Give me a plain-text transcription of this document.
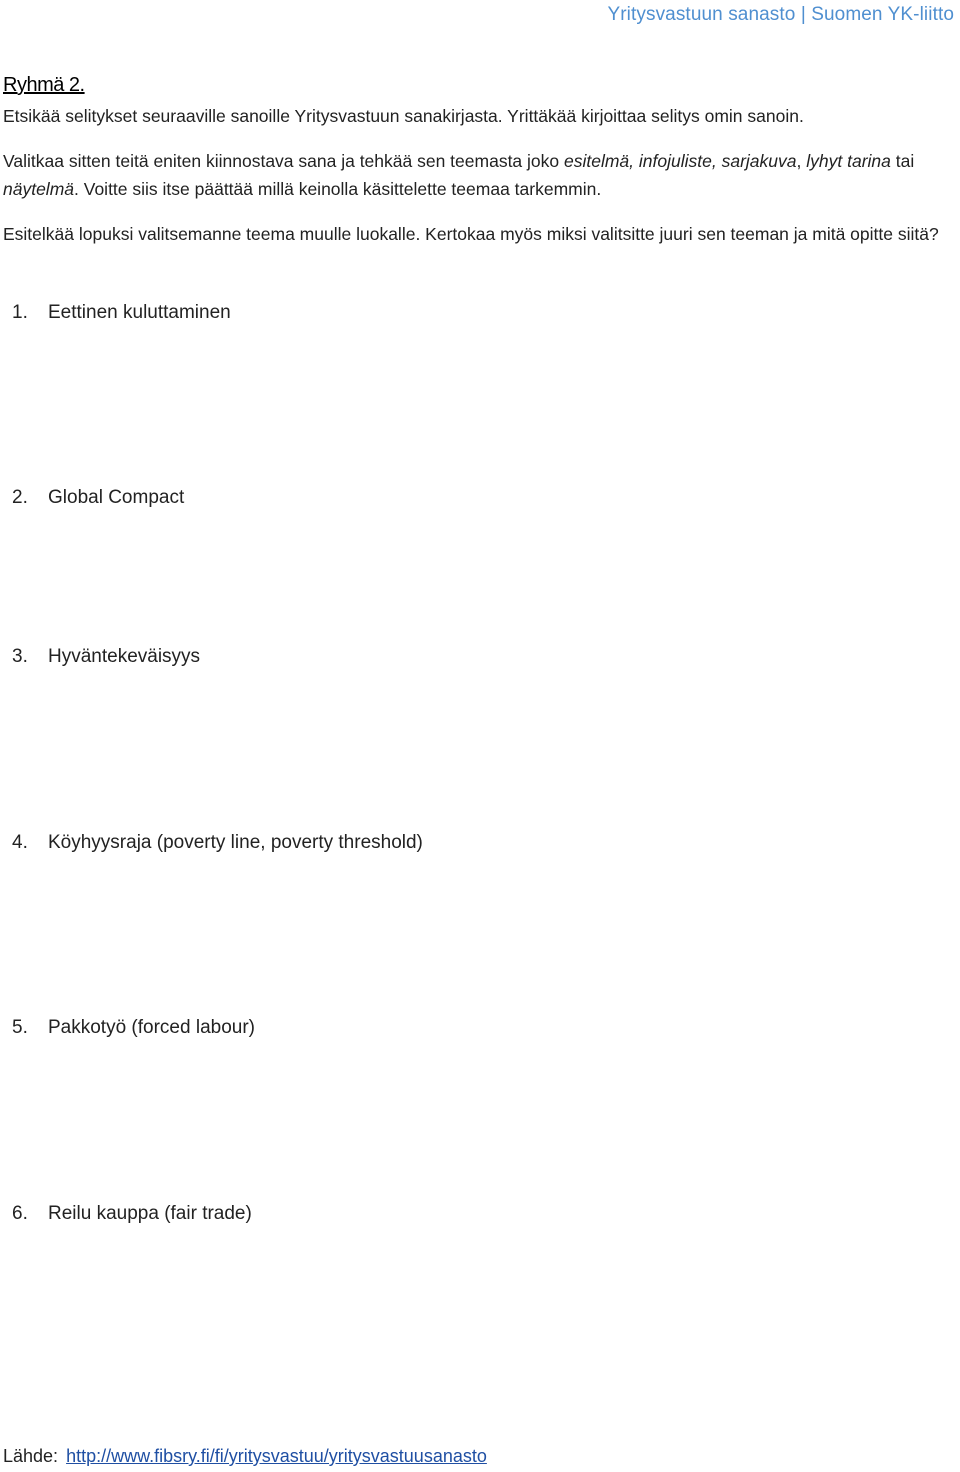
Yritysvastuun sanasto | Suomen YK-liitto
Ryhmä 2.
Etsikää selitykset seuraaville sanoille Yritysvastuun sanakirjasta. Yrittäkää kirjoittaa selitys omin sanoin.
Valitkaa sitten teitä eniten kiinnostava sana ja tehkää sen teemasta joko esitelmä, infojuliste, sarjakuva, lyhyt tarina tai näytelmä. Voitte siis itse päättää millä keinolla käsittelette teemaa tarkemmin.
Esitelkää lopuksi valitsemanne teema muulle luokalle. Kertokaa myös miksi valitsitte juuri sen teeman ja mitä opitte siitä?
1. Eettinen kuluttaminen
2. Global Compact
3. Hyväntekeväisyys
4. Köyhyysraja (poverty line, poverty threshold)
5. Pakkotyö (forced labour)
6. Reilu kauppa (fair trade)
Lähde: http://www.fibsry.fi/fi/yritysvastuu/yritysvastuusanasto
